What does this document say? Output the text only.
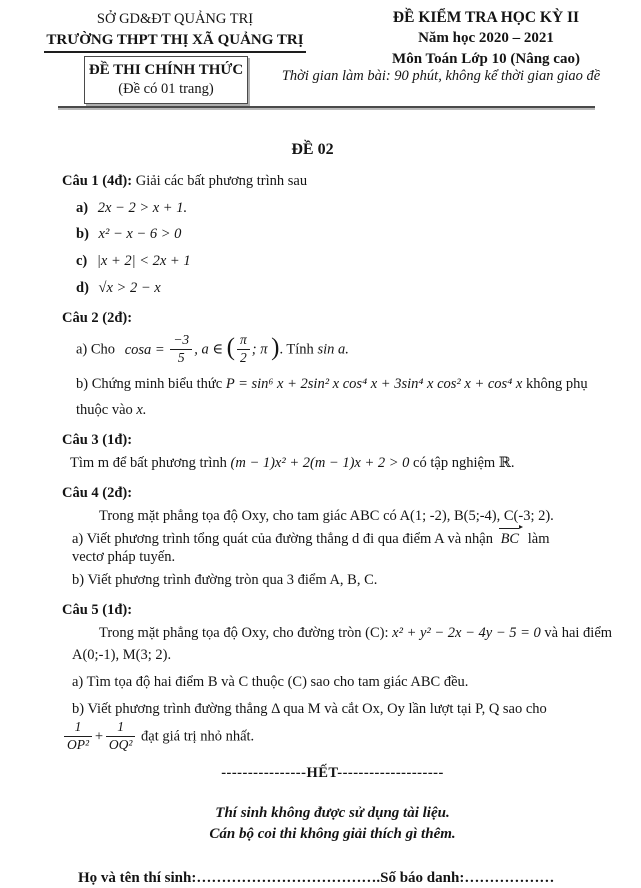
SỞ GD&ĐT QUẢNG TRỊ
TRƯỜNG THPT THỊ XÃ QUẢNG TRỊ
ĐỀ KIỂM TRA HỌC KỲ II
Năm học 2020 – 2021
Môn Toán Lớp 10 (Nâng cao)
ĐỀ THI CHÍNH THỨC
(Đề có 01 trang)
Thời gian làm bài: 90 phút, không kể thời gian giao đề
ĐỀ 02
Câu 1 (4đ): Giải các bất phương trình sau
a) 2x − 2 > x + 1.
b) x² − x − 6 > 0
c) |x + 2| < 2x + 1
d) √x > 2 − x
Câu 2 (2đ):
a) Cho $\cos a = \frac{-3}{5}$ , a ∈ ( $\frac{\pi}{2}$ ; π ). Tính sin a.
b) Chứng minh biểu thức P = sin⁶ x + 2sin² x cos⁴ x + 3sin⁴ x cos² x + cos⁴ x không phụ
thuộc vào x.
Câu 3 (1đ):
Tìm m để bất phương trình (m − 1)x² + 2(m − 1)x + 2 > 0 có tập nghiệm ℝ.
Câu 4 (2đ):
Trong mặt phẳng tọa độ Oxy, cho tam giác ABC có A(1; -2), B(5;-4), C(-3; 2).
a) Viết phương trình tổng quát của đường thẳng d đi qua điểm A và nhận BC làm
vectơ pháp tuyến.
b) Viết phương trình đường tròn qua 3 điểm A, B, C.
Câu 5 (1đ):
Trong mặt phẳng tọa độ Oxy, cho đường tròn (C): x² + y² − 2x − 4y − 5 = 0 và hai điểm
A(0;-1), M(3; 2).
a) Tìm tọa độ hai điểm B và C thuộc (C) sao cho tam giác ABC đều.
b) Viết phương trình đường thẳng Δ qua M và cắt Ox, Oy lần lượt tại P, Q sao cho
$\frac{1}{\text{OP²}} + \frac{1}{\text{OQ²}}$ đạt giá trị nhỏ nhất.
----------------HẾT--------------------
Thí sinh không được sử dụng tài liệu.
Cán bộ coi thi không giải thích gì thêm.
Họ và tên thí sinh:……………………………….Số báo danh:………………
